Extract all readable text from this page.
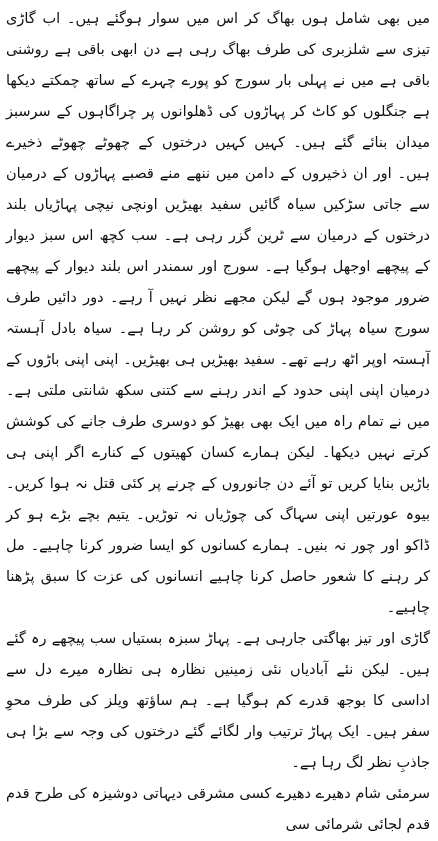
میں بھی شامل ہوں بھاگ کر اس میں سوار ہوگئے ہیں۔ اب گاڑی تیزی سے شلزبری کی طرف بھاگ رہی ہے دن ابھی باقی ہے روشنی باقی ہے میں نے پہلی بار سورج کو پورے چہرے کے ساتھ چمکتے دیکھا ہے جنگلوں کو کاٹ کر پہاڑوں کی ڈھلوانوں پر چراگاہوں کے سرسبز میدان بنائے گئے ہیں۔ کہیں کہیں درختوں کے چھوٹے چھوٹے ذخیرے ہیں۔ اور ان ذخیروں کے دامن میں ننھے منے قصبے پہاڑوں کے درمیان سے جاتی سڑکیں سیاہ گائیں سفید بھیڑیں اونچی نیچی پہاڑیاں بلند درختوں کے درمیان سے ٹرین گزر رہی ہے۔ سب کچھ اس سبز دیوار کے پیچھے اوجھل ہوگیا ہے۔ سورج اور سمندر اس بلند دیوار کے پیچھے ضرور موجود ہوں گے لیکن مجھے نظر نہیں آ رہے۔ دور دائیں طرف سورج سیاہ پہاڑ کی چوٹی کو روشن کر رہا ہے۔ سیاہ بادل آہستہ آہستہ اوپر اٹھ رہے تھے۔ سفید بھیڑیں ہی بھیڑیں۔ اپنی اپنی باڑوں کے درمیان اپنی اپنی حدود کے اندر رہنے سے کتنی سکھ شانتی ملتی ہے۔ میں نے تمام راہ میں ایک بھی بھیڑ کو دوسری طرف جانے کی کوشش کرتے نہیں دیکھا۔ لیکن ہمارے کسان کھیتوں کے کنارے اگر اپنی ہی باڑیں بنایا کریں تو آئے دن جانوروں کے چرنے پر کئی قتل نہ ہوا کریں۔ بیوہ عورتیں اپنی سہاگ کی چوڑیاں نہ توڑیں۔ یتیم بچے بڑے ہو کر ڈاکو اور چور نہ بنیں۔ ہمارے کسانوں کو ایسا ضرور کرنا چاہیے۔ مل کر رہنے کا شعور حاصل کرنا چاہیے انسانوں کی عزت کا سبق پڑھنا چاہیے۔

گاڑی اور تیز بھاگتی جارہی ہے۔ پہاڑ سبزہ بستیاں سب پیچھے رہ گئے ہیں۔ لیکن نئے آبادیاں نئی زمینیں نظارہ ہی نظارہ میرے دل سے اداسی کا بوجھ قدرے کم ہوگیا ہے۔ ہم ساؤتھ ویلز کی طرف محوِ سفر ہیں۔ ایک پہاڑ ترتیب وار لگائے گئے درختوں کی وجہ سے بڑا ہی جاذبِ نظر لگ رہا ہے۔

سرمئی شام دھیرے دھیرے کسی مشرقی دیہاتی دوشیزہ کی طرح قدم قدم لجائی شرمائی سی
